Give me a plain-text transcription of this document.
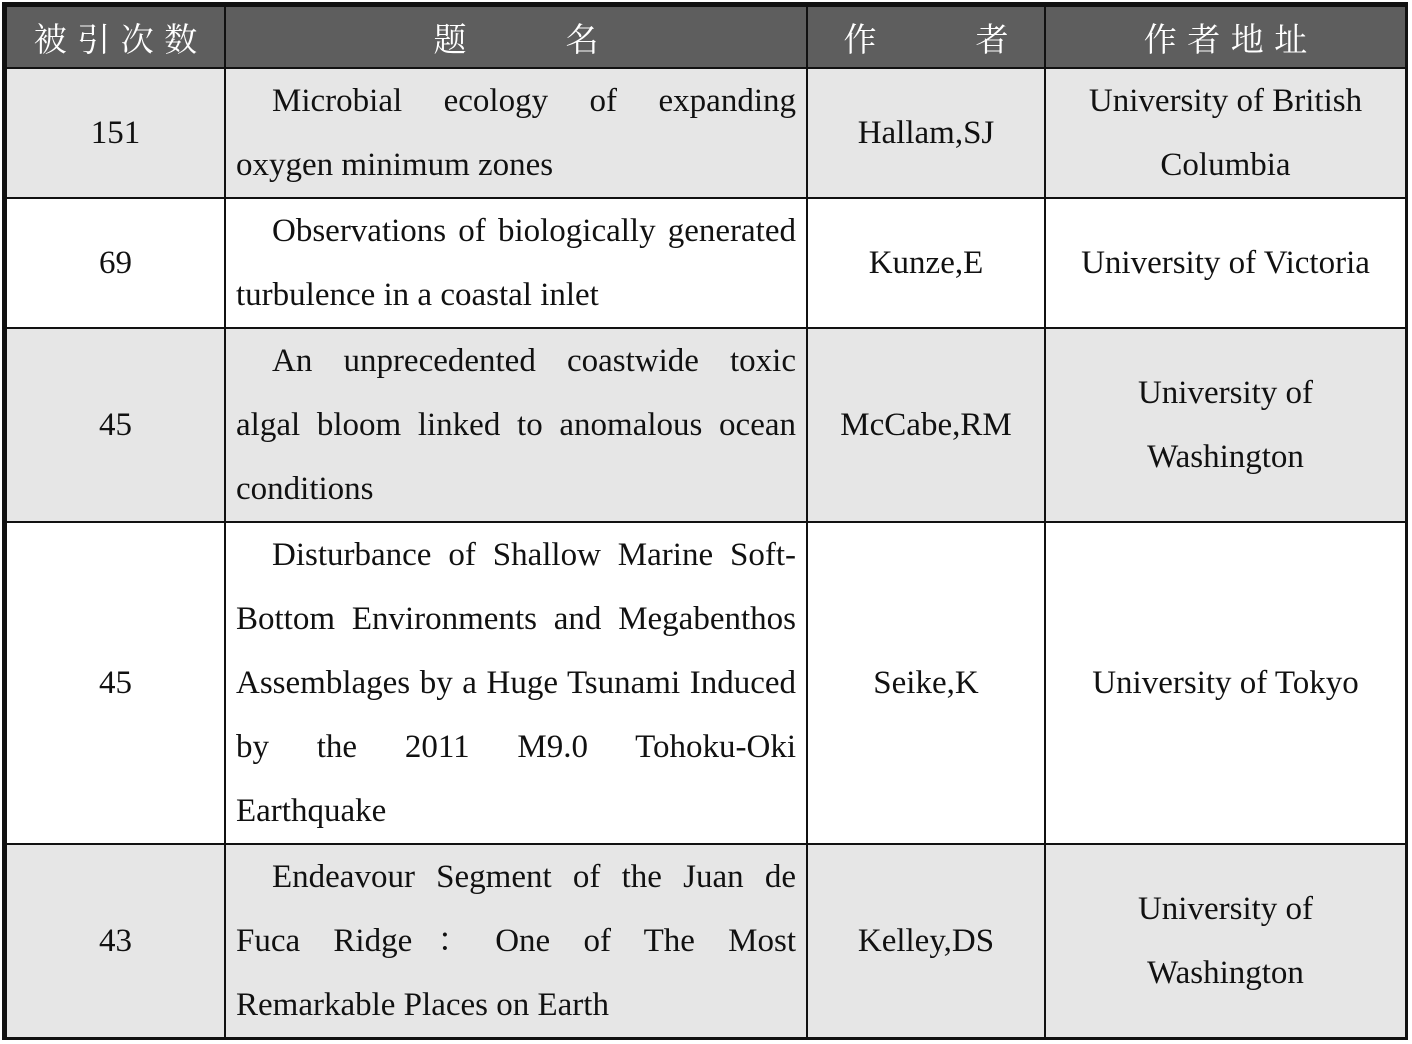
被 引 次 数	题　　　名	作　　　者	作 者 地 址
151	Microbial ecology of expanding oxygen minimum zones	Hallam,SJ	University of British Columbia
69	Observations of biologically generated turbulence in a coastal inlet	Kunze,E	University of Victoria
45	An unprecedented coastwide toxic algal bloom linked to anomalous ocean conditions	McCabe,RM	University of Washington
45	Disturbance of Shallow Marine Soft-Bottom Environments and Megabenthos Assemblages by a Huge Tsunami Induced by the 2011 M9.0 Tohoku-Oki Earthquake	Seike,K	University of Tokyo
43	Endeavour Segment of the Juan de Fuca Ridge：One of The Most Remarkable Places on Earth	Kelley,DS	University of Washington
